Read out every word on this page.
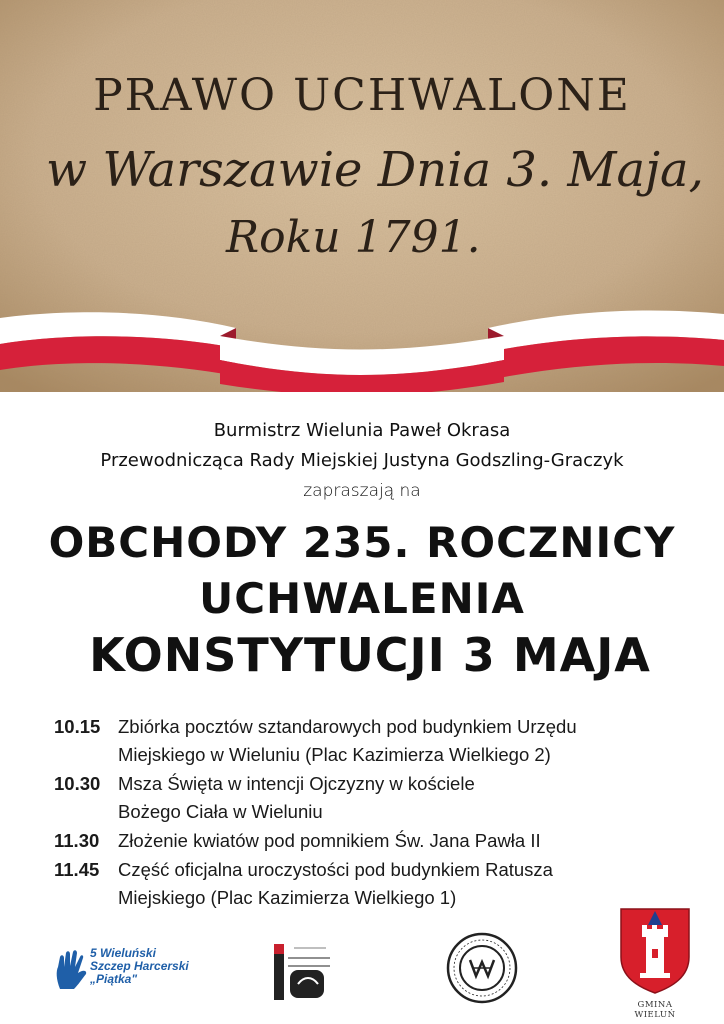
PRAWO UCHWALONE
w Warszawie Dnia 3. Maja,
Roku 1791.
Burmistrz Wielunia Paweł Okrasa
Przewodnicząca Rady Miejskiej Justyna Godszling-Graczyk
zapraszają na
OBCHODY 235. ROCZNICY
UCHWALENIA
KONSTYTUCJI 3 MAJA
10.15 Zbiórka pocztów sztandarowych pod budynkiem Urzędu
Miejskiego w Wieluniu (Plac Kazimierza Wielkiego 2)
10.30 Msza Święta w intencji Ojczyzny w kościele
Bożego Ciała w Wieluniu
11.30	Złożenie kwiatów pod pomnikiem Św. Jana Pawła II
11.45	Część oficjalna uroczystości pod budynkiem Ratusza
Miejskiego (Plac Kazimierza Wielkiego 1)
5 Wieluński
Szczep Harcerski
„Piątka"
GMINA WIELUŃ
